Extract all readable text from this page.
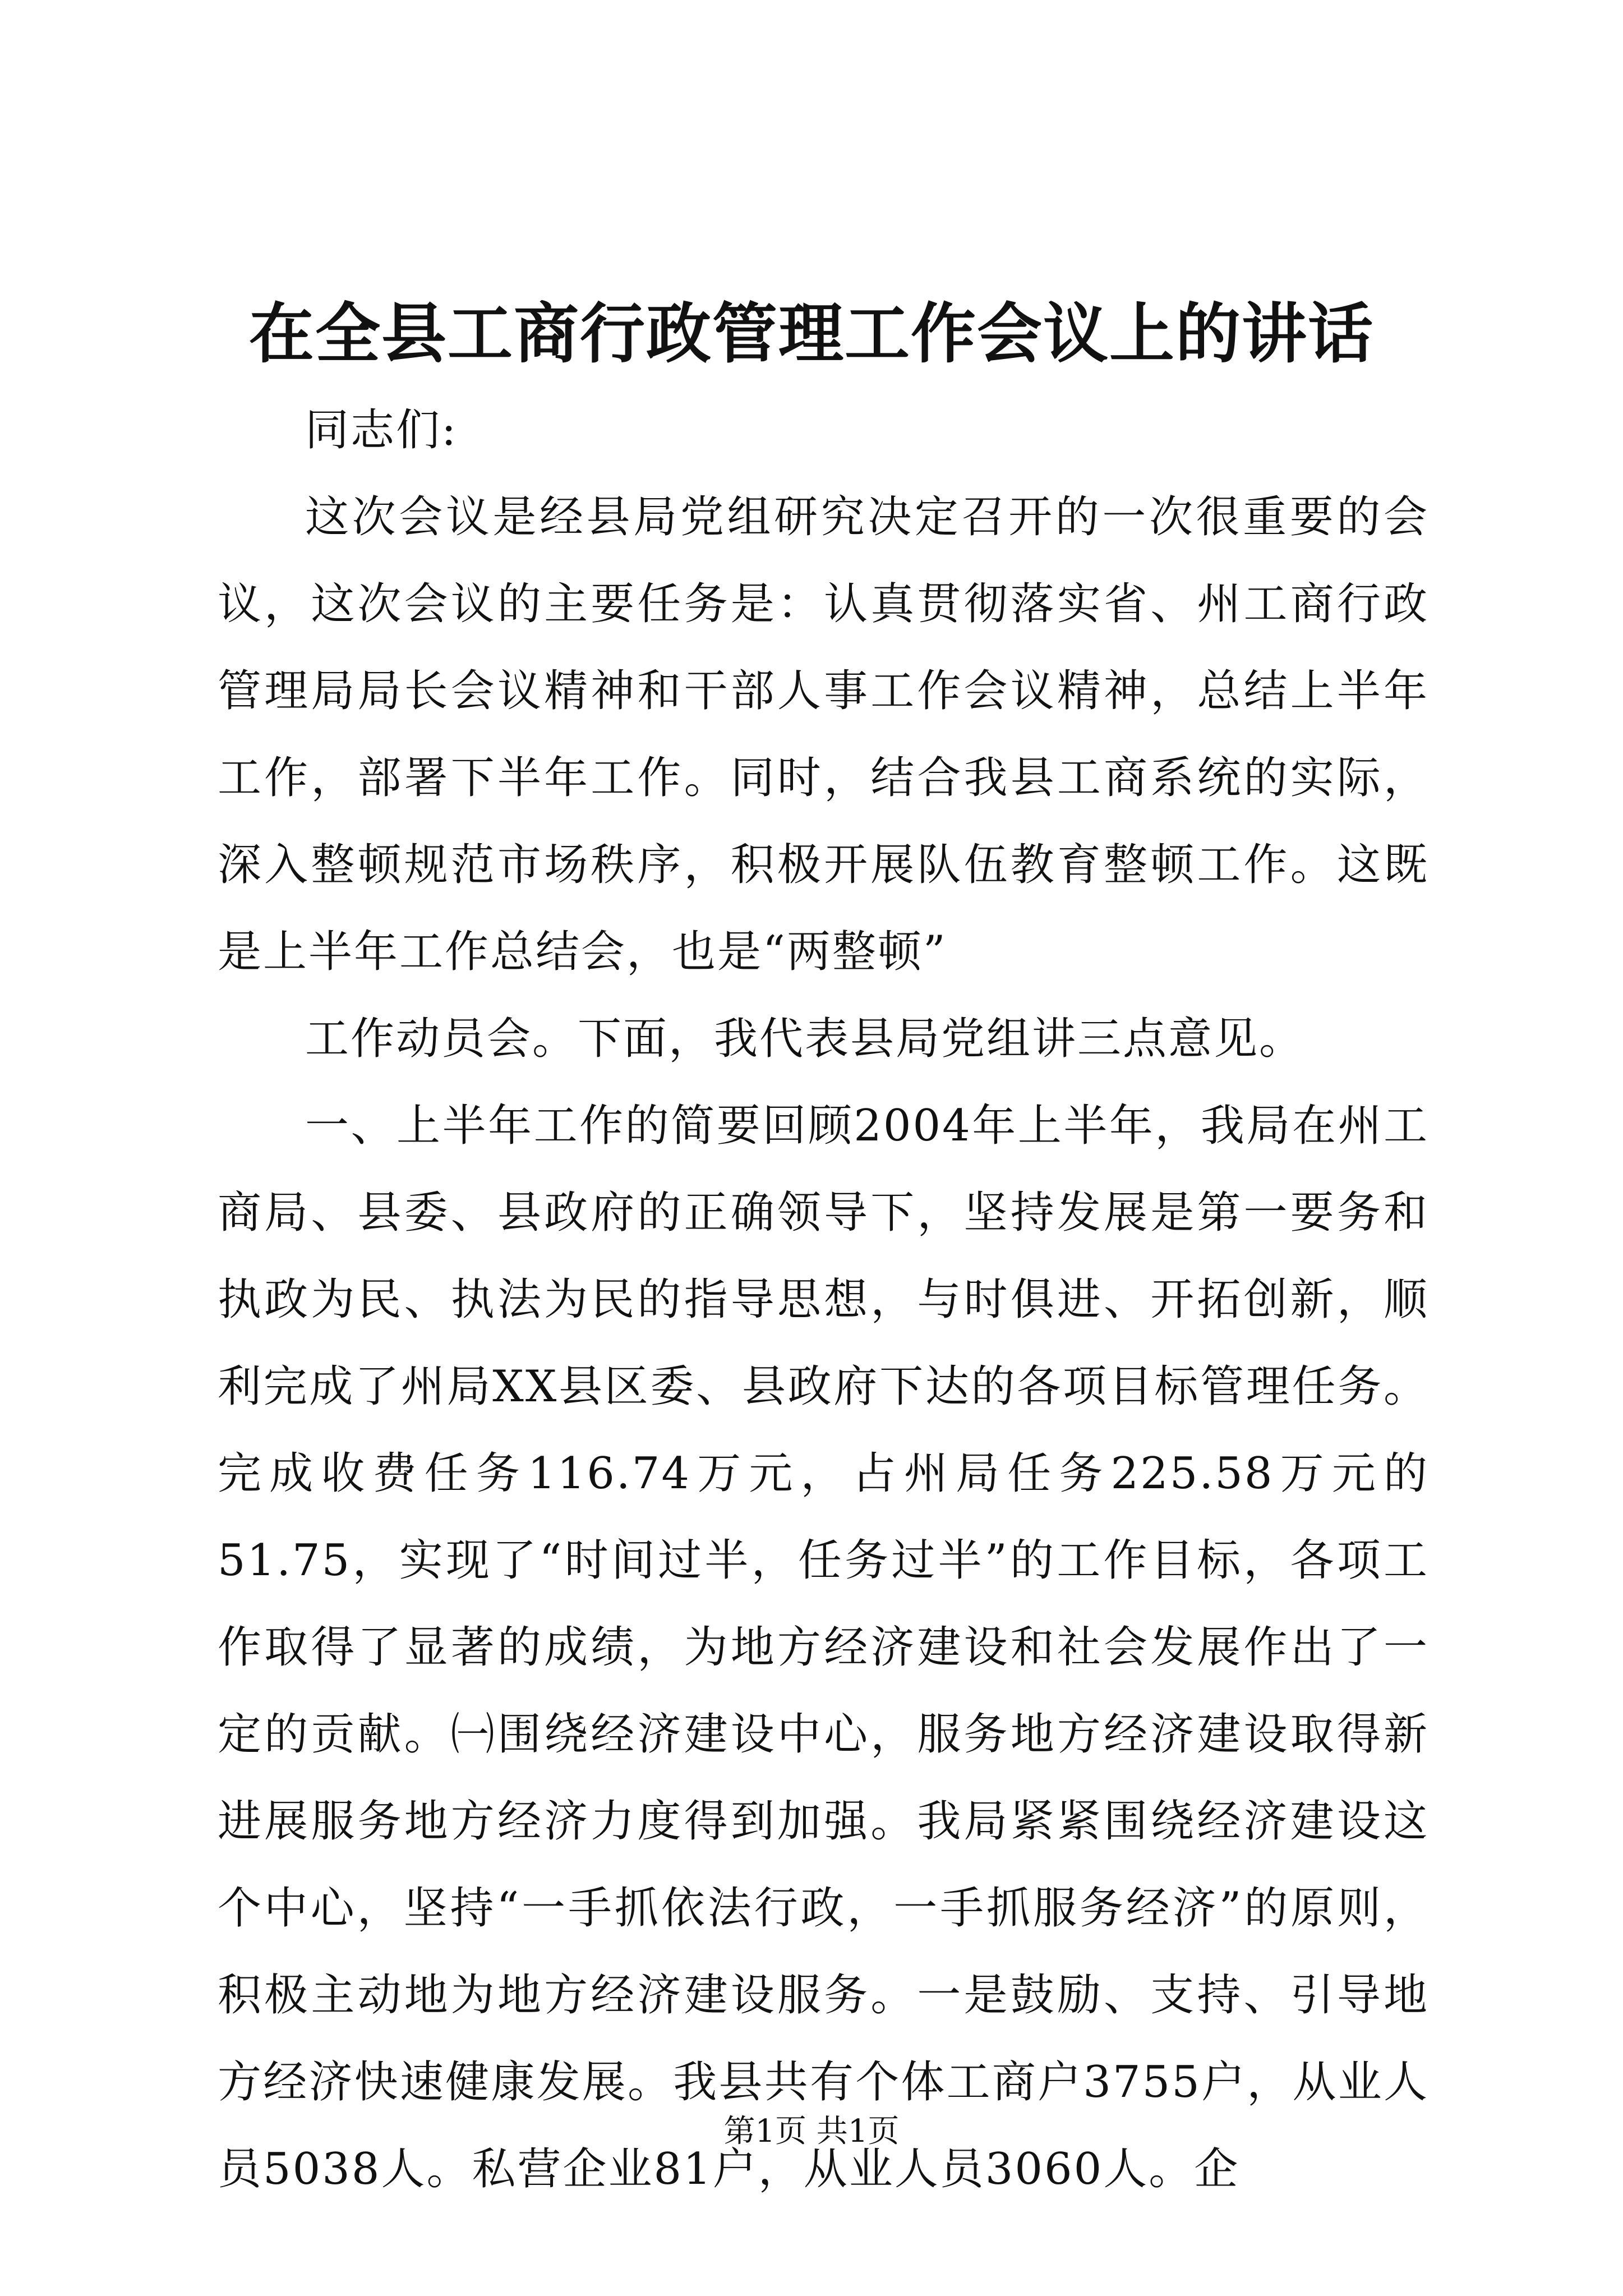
在全县工商行政管理工作会议上的讲话

同志们:

这次会议是经县局党组研究决定召开的一次很重要的会议，这次会议的主要任务是：认真贯彻落实省、州工商行政管理局局长会议精神和干部人事工作会议精神，总结上半年工作，部署下半年工作。同时，结合我县工商系统的实际，深入整顿规范市场秩序，积极开展队伍教育整顿工作。这既是上半年工作总结会，也是“两整顿”

工作动员会。下面，我代表县局党组讲三点意见。

一、上半年工作的简要回顾2004年上半年，我局在州工商局、县委、县政府的正确领导下，坚持发展是第一要务和执政为民、执法为民的指导思想，与时俱进、开拓创新，顺利完成了州局XX县区委、县政府下达的各项目标管理任务。完成收费任务116.74万元，占州局任务225.58万元的51.75，实现了“时间过半，任务过半”的工作目标，各项工作取得了显著的成绩，为地方经济建设和社会发展作出了一定的贡献。㈠围绕经济建设中心，服务地方经济建设取得新进展服务地方经济力度得到加强。我局紧紧围绕经济建设这个中心，坚持“一手抓依法行政，一手抓服务经济”的原则，积极主动地为地方经济建设服务。一是鼓励、支持、引导地方经济快速健康发展。我县共有个体工商户3755户，从业人员5038人。私营企业81户，从业人员3060人。企

第1页 共1页
